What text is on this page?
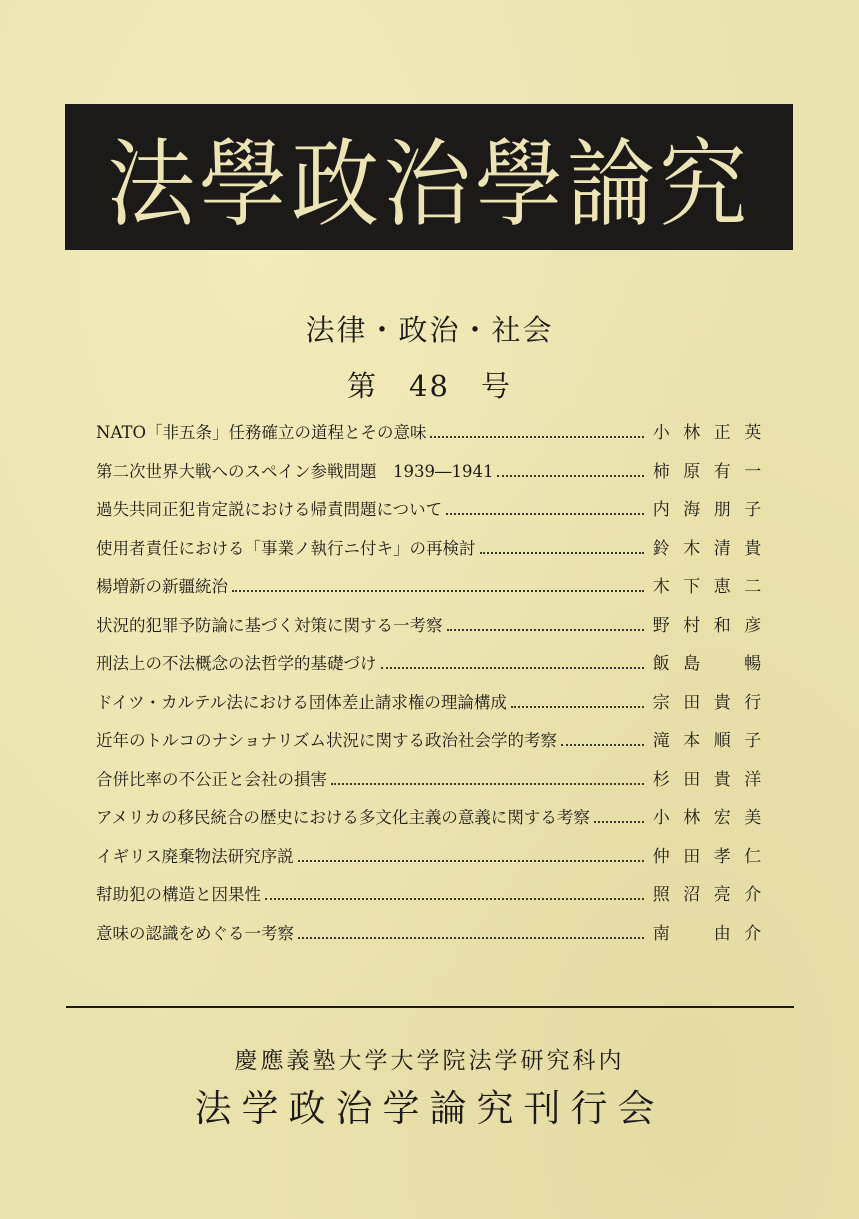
法學政治學論究
法律・政治・社会
第　48　号
NATO「非五条」任務確立の道程とその意味	小 林 正 英
第二次世界大戦へのスペイン参戦問題　1939―1941	柿 原 有 一
過失共同正犯肯定説における帰責問題について	内 海 朋 子
使用者責任における「事業ノ執行ニ付キ」の再検討	鈴 木 清 貴
楊増新の新疆統治	木 下 恵 二
状況的犯罪予防論に基づく対策に関する一考察	野 村 和 彦
刑法上の不法概念の法哲学的基礎づけ	飯 島	暢
ドイツ・カルテル法における団体差止請求権の理論構成	宗 田 貴 行
近年のトルコのナショナリズム状況に関する政治社会学的考察	滝 本 順 子
合併比率の不公正と会社の損害	杉 田 貴 洋
アメリカの移民統合の歴史における多文化主義の意義に関する考察	小 林 宏 美
イギリス廃棄物法研究序説	仲 田 孝 仁
幇助犯の構造と因果性	照 沼 亮 介
意味の認識をめぐる一考察	南	由 介
慶應義塾大学大学院法学研究科内
法学政治学論究刊行会
